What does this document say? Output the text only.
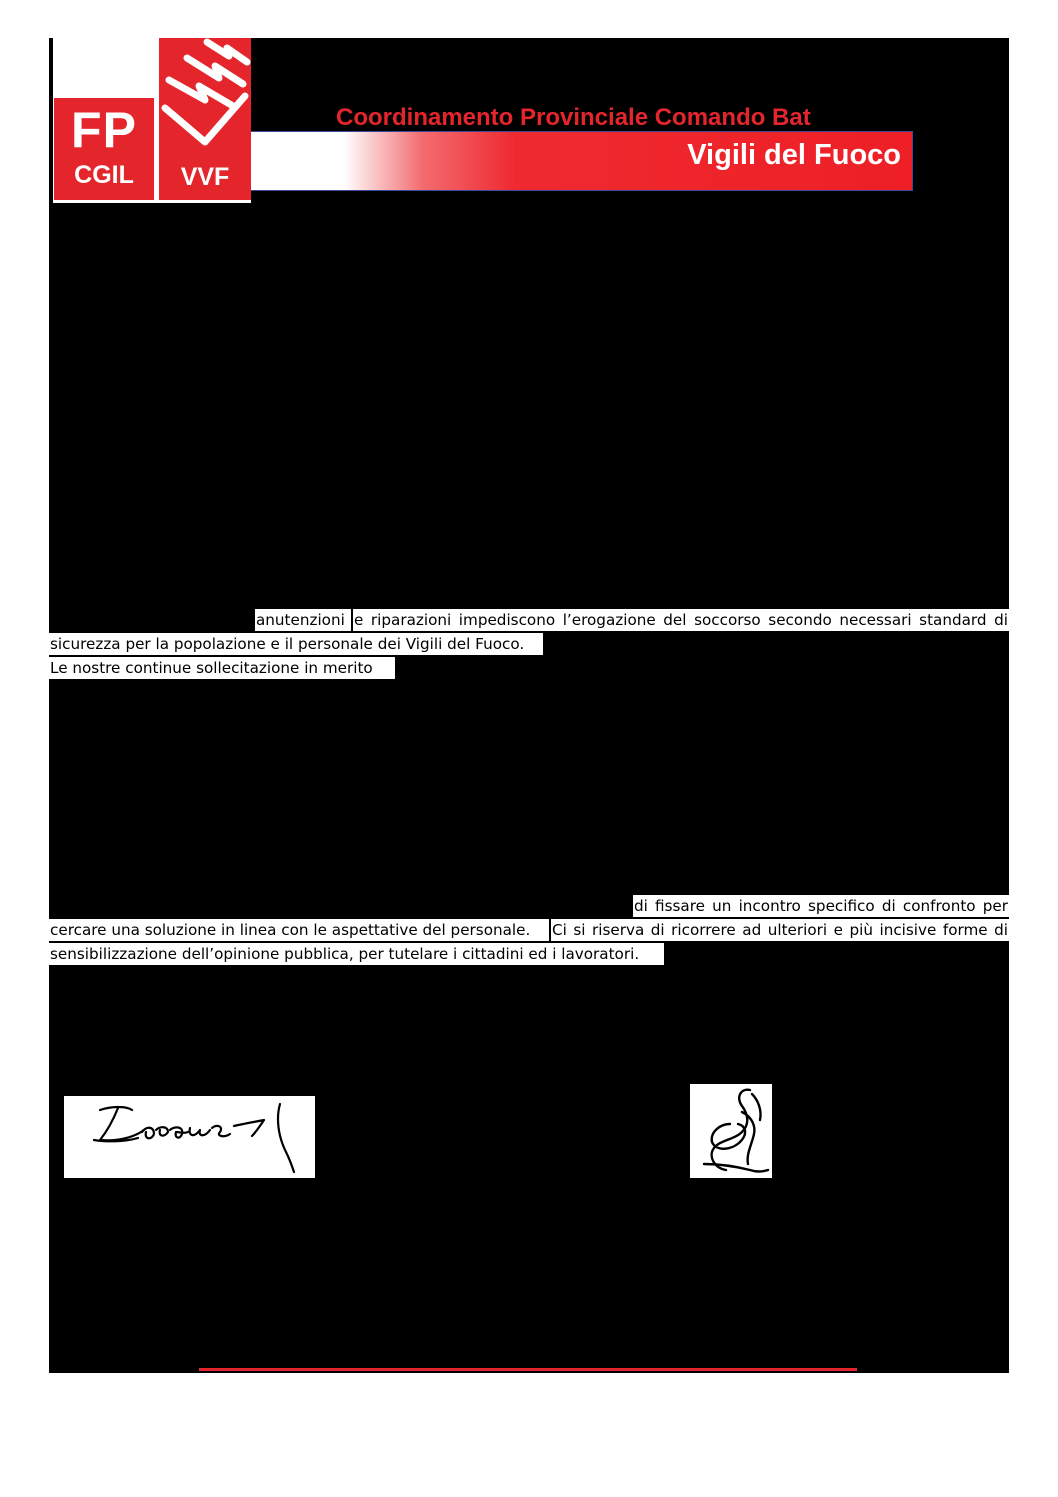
FP
CGIL	VVF
Coordinamento Provinciale Comando Bat
Vigili del Fuoco
anutenzioni e riparazioni impediscono l’erogazione del soccorso secondo necessari standard di
sicurezza per la popolazione e il personale dei Vigili del Fuoco.
Le nostre continue sollecitazione in merito
di fissare un incontro specifico di confronto per
cercare una soluzione in linea con le aspettative del personale.	Ci si riserva di ricorrere ad ulteriori e più incisive forme di
sensibilizzazione dell’opinione pubblica, per tutelare i cittadini ed i lavoratori.
